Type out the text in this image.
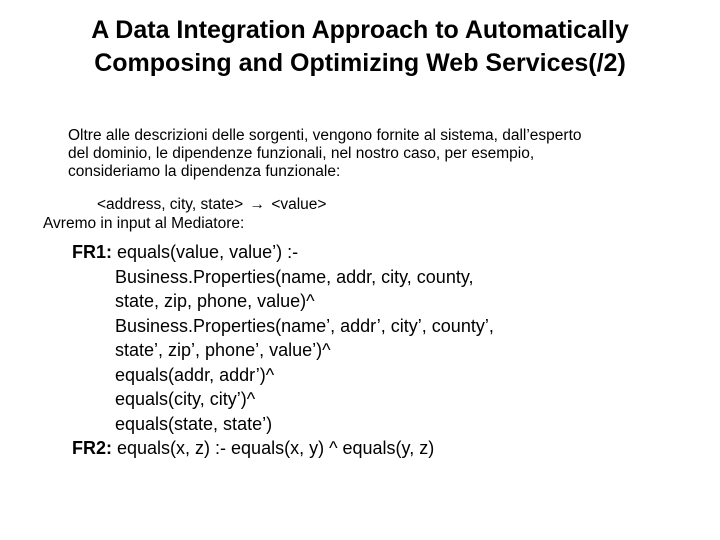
A Data Integration Approach to Automatically
Composing and Optimizing Web Services(/2)
Oltre alle descrizioni delle sorgenti, vengono fornite al sistema, dall’esperto
del dominio, le dipendenze funzionali, nel nostro caso, per esempio,
consideriamo la dipendenza funzionale:
<address, city, state> → <value>
Avremo in input al Mediatore:
FR1: equals(value, value’) :-
Business.Properties(name, addr, city, county,
state, zip, phone, value)^
Business.Properties(name’, addr’, city’, county’,
state’, zip’, phone’, value’)^
equals(addr, addr’)^
equals(city, city’)^
equals(state, state’)
FR2: equals(x, z) :- equals(x, y) ^ equals(y, z)
